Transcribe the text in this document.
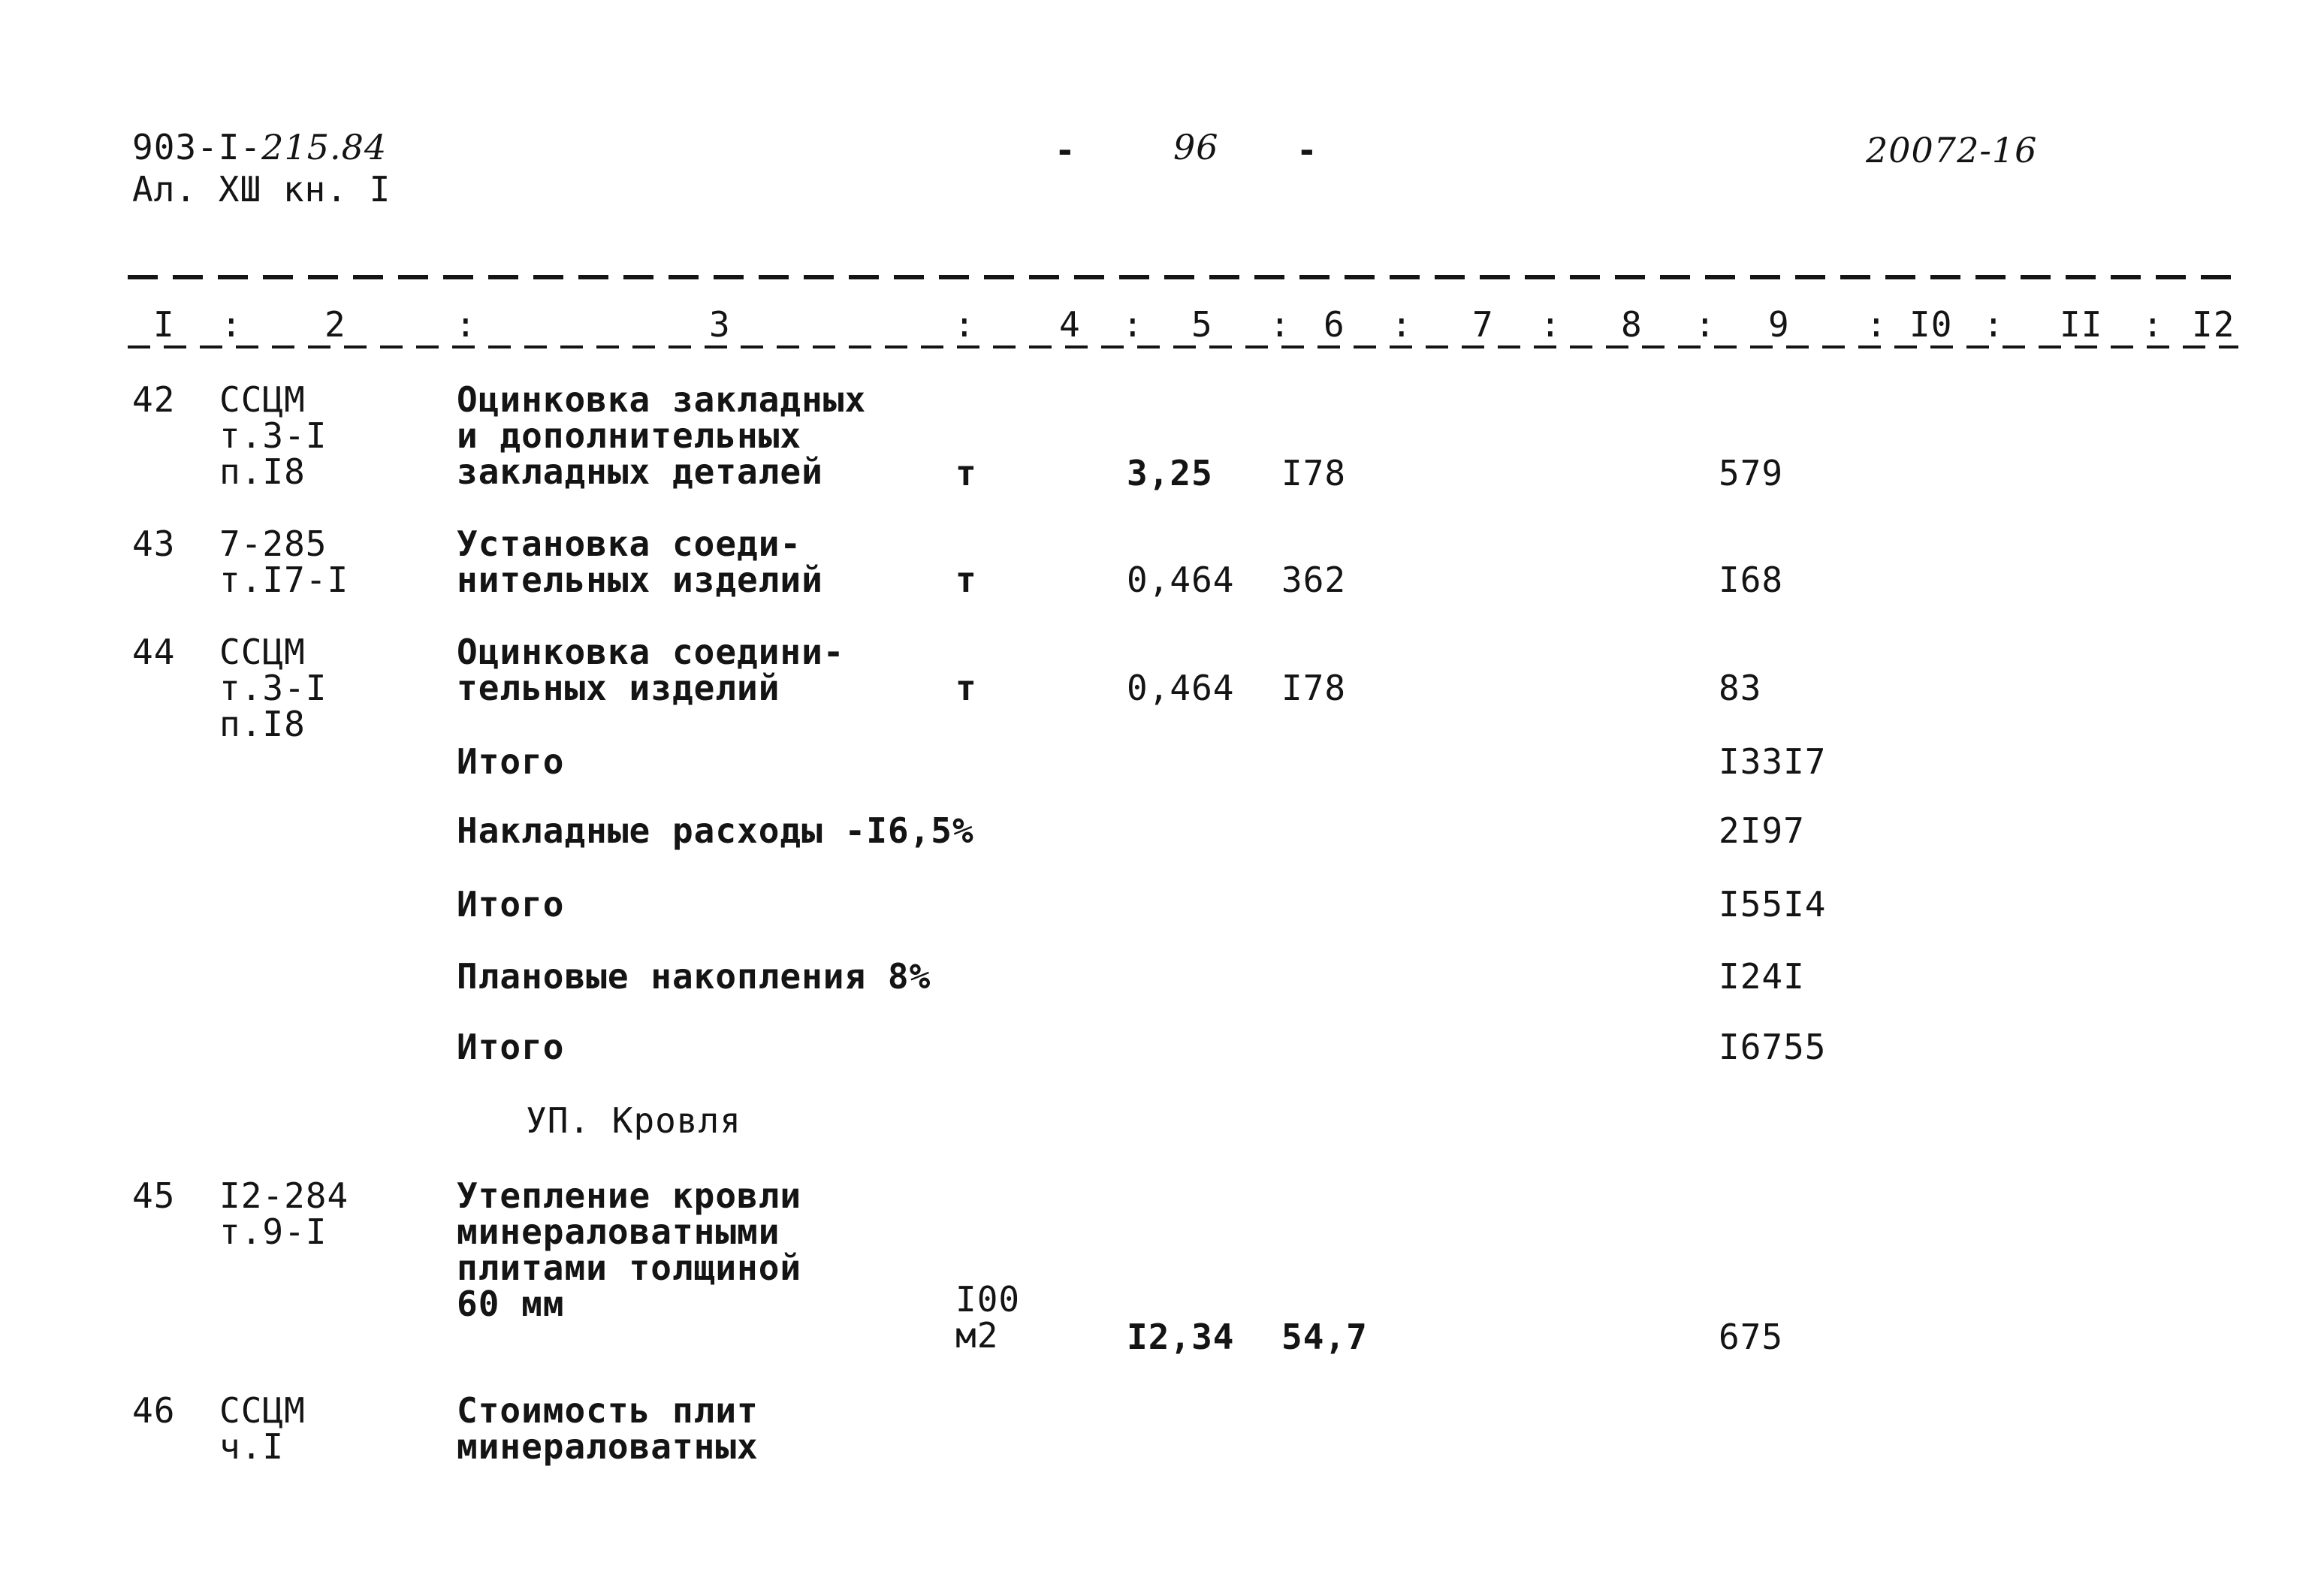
903-I-215.84
Ал. ХШ кн. I
-	96 -	20072-16
I : 2	:	3	: 4 : 5 : 6 : 7 : 8 : 9 : I0 : II : I2
42 ССЦМ
т.3-I
п.I8
Оцинковка закладных
и дополнительных
закладных деталей	т	3,25 I78	579
43 7-285
т.I7-I
Установка соеди-
нительных изделий	т	0,464 362	I68
44 ССЦМ
т.3-I
п.I8
Оцинковка соедини-
тельных изделий	т	0,464 I78	83
Итого	I33I7
Накладные расходы -I6,5%	2I97
Итого	I55I4
Плановые накопления 8%	I24I
Итого	I6755
УП. Кровля
45 I2-284
т.9-I
Утепление кровли
минераловатными
плитами толщиной
60 мм	I00
м2	I2,34 54,7	675
46 ССЦМ
ч.I
Стоимость плит
минераловатных
